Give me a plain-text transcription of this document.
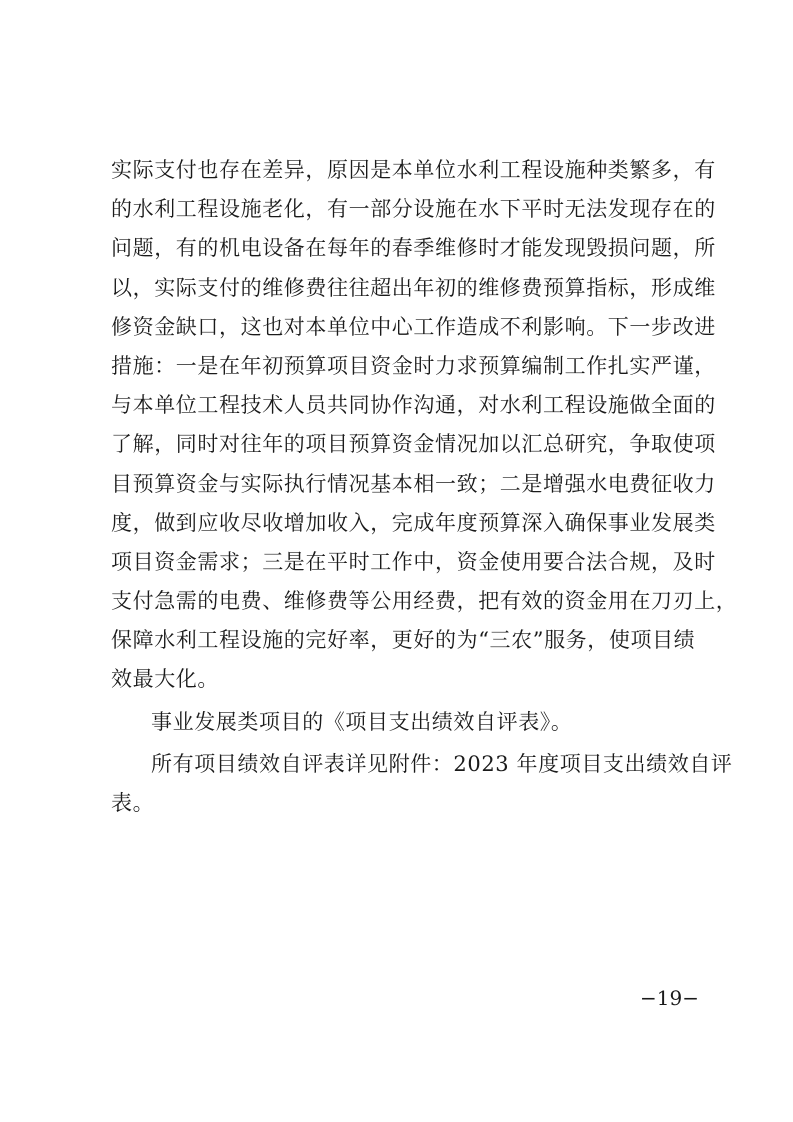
实际支付也存在差异，原因是本单位水利工程设施种类繁多，有
的水利工程设施老化，有一部分设施在水下平时无法发现存在的
问题，有的机电设备在每年的春季维修时才能发现毁损问题，所
以，实际支付的维修费往往超出年初的维修费预算指标，形成维
修资金缺口，这也对本单位中心工作造成不利影响。下一步改进
措施：一是在年初预算项目资金时力求预算编制工作扎实严谨，
与本单位工程技术人员共同协作沟通，对水利工程设施做全面的
了解，同时对往年的项目预算资金情况加以汇总研究，争取使项
目预算资金与实际执行情况基本相一致；二是增强水电费征收力
度，做到应收尽收增加收入，完成年度预算深入确保事业发展类
项目资金需求；三是在平时工作中，资金使用要合法合规，及时
支付急需的电费、维修费等公用经费，把有效的资金用在刀刃上，
保障水利工程设施的完好率，更好的为“三农”服务，使项目绩
效最大化。
事业发展类项目的《项目支出绩效自评表》。
所有项目绩效自评表详见附件：2023 年度项目支出绩效自评
表。
−19−
